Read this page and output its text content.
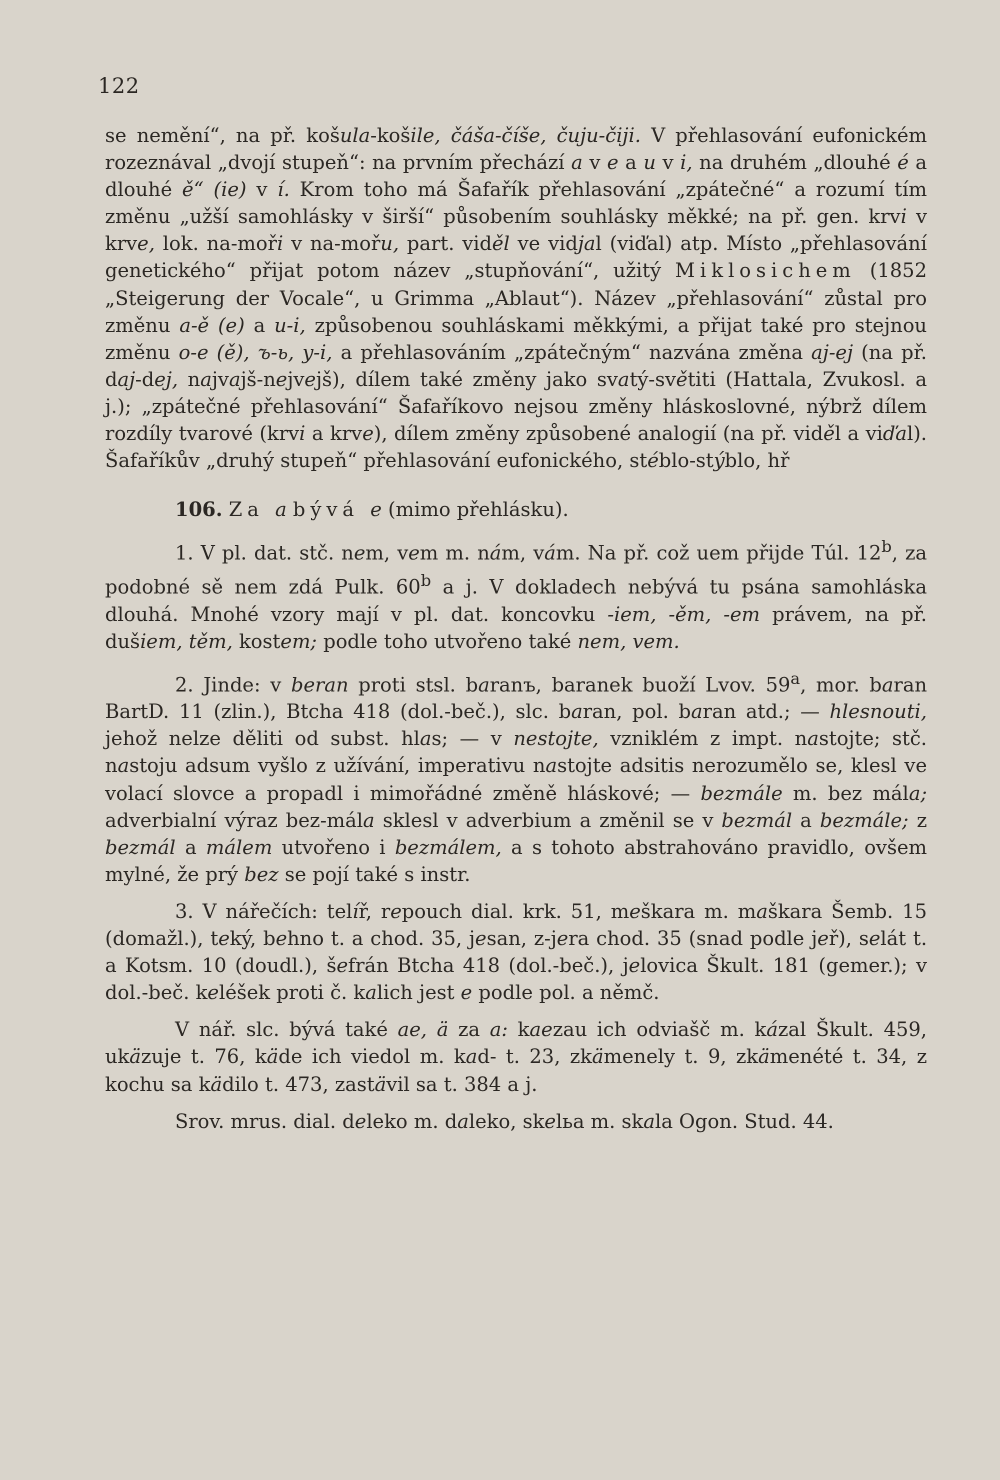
122

se nemění“, na př. košula-košile, čáša-číše, čuju-čiji. V přehlasování eufonickém rozeznával „dvojí stupeň“: na prvním přechází a v e a u v i, na druhém „dlouhé é a dlouhé ě“ (ie) v í. Krom toho má Šafařík přehlasování „zpátečné“ a rozumí tím změnu „užší samohlásky v širší“ působením souhlásky měkké; na př. gen. krvi v krve, lok. na-moři v na-mořu, part. viděl ve vidjal (viďal) atp. Místo „přehlasování genetického“ přijat potom název „stupňování“, užitý Miklosichem (1852 „Steigerung der Vocale“, u Grimma „Ablaut“). Název „přehlasování“ zůstal pro změnu a-ě (e) a u-i, způsobenou souhláskami měkkými, a přijat také pro stejnou změnu o-e (ě), ъ-ь, y-i, a přehlasováním „zpátečným“ nazvána změna aj-ej (na př. daj-dej, najvajš-nejvejš), dílem také změny jako svatý-světiti (Hattala, Zvukosl. a j.); „zpátečné přehlasování“ Šafaříkovo nejsou změny hláskoslovné, nýbrž dílem rozdíly tvarové (krvi a krve), dílem změny způsobené analogií (na př. viděl a viďal). Šafaříkův „druhý stupeň“ přehlasování eufonického, stéblo-stýblo, hř

106. Za a bývá e (mimo přehlásku).

1. V pl. dat. stč. nem, vem m. nám, vám. Na př. což uem přijde Túl. 12$^b$, za podobné sě nem zdá Pulk. 60$^b$ a j. V dokladech nebývá tu psána samohláska dlouhá. Mnohé vzory mají v pl. dat. koncovku -iem, -ěm, -em právem, na př. dušiem, těm, kostem; podle toho utvořeno také nem, vem.

2. Jinde: v beran proti stsl. baranъ, baranek buoží Lvov. 59$^a$, mor. baran BartD. 11 (zlin.), Btcha 418 (dol.-beč.), slc. baran, pol. baran atd.; — hlesnouti, jehož nelze děliti od subst. hlas; — v nestojte, vzniklém z impt. nastojte; stč. nastoju adsum vyšlo z užívání, imperativu nastojte adsitis nerozumělo se, klesl ve volací slovce a propadl i mimořádné změně hláskové; — bezmále m. bez mála; adverbialní výraz bez-mála sklesl v adverbium a změnil se v bezmál a bezmále; z bezmál a málem utvořeno i bezmálem, a s tohoto abstrahováno pravidlo, ovšem mylné, že prý bez se pojí také s instr.

3. V nářečích: telíř, repouch dial. krk. 51, meškara m. maškara Šemb. 15 (domažl.), teký, behno t. a chod. 35, jesan, z-jera chod. 35 (snad podle jeř), selát t. a Kotsm. 10 (doudl.), šefrán Btcha 418 (dol.-beč.), jelovica Škult. 181 (gemer.); v dol.-beč. keléšek proti č. kalich jest e podle pol. a němč.

V nář. slc. bývá také ae, ä za a: kaezau ich odviašč m. kázal Škult. 459, ukäzuje t. 76, käde ich viedol m. kad- t. 23, zkämenely t. 9, zkämenété t. 34, z kochu sa kädilo t. 473, zastävil sa t. 384 a j.

Srov. mrus. dial. deleko m. daleko, skelьa m. skala Ogon. Stud. 44.
